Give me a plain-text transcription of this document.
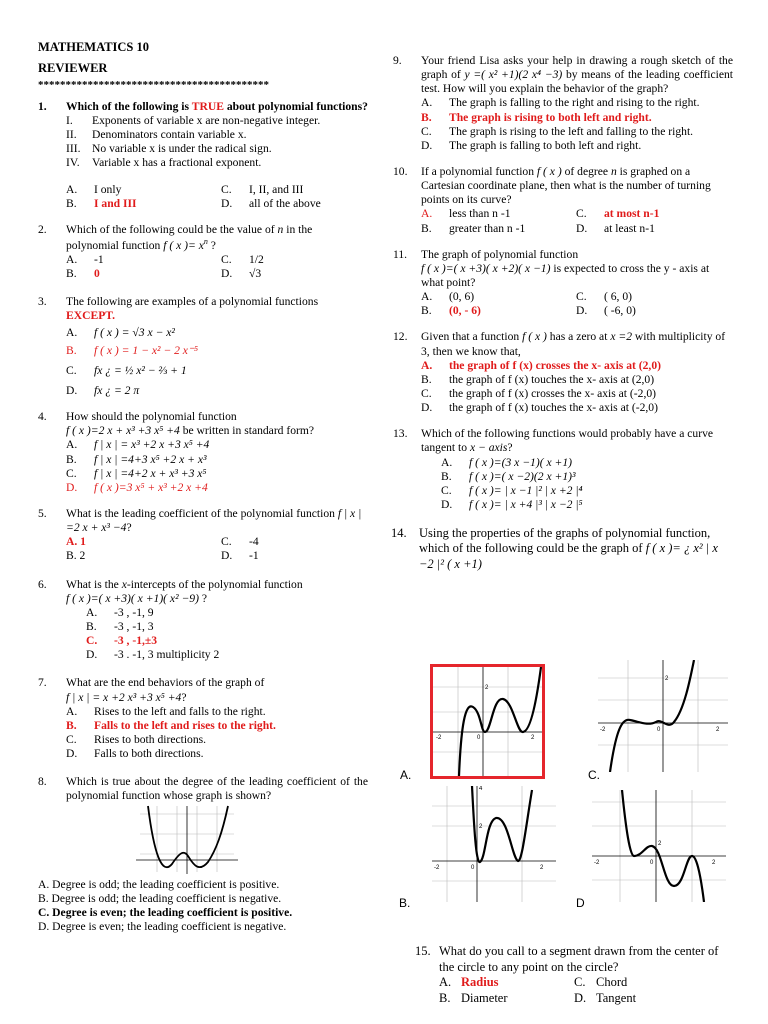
MATHEMATICS 10
REVIEWER
******************************************
1. Which of the following is TRUE about polynomial functions?
I.	Exponents of variable x are non-negative integer.
II.	Denominators contain variable x.
III. No variable x is under the radical sign.
IV.	Variable x has a fractional exponent.
A.	I only	C.	I, II, and III
B.	I and III	D.	all of the above
2. Which of the following could be the value of n in the polynomial function f ( x )= $x^n$ ?
A.	-1	C.	1/2
B.	0	D.	√3
3. The following are examples of a polynomial functions
EXCEPT.
A.	f ( x ) = √3 x − x²
B.	f ( x ) = 1 − x² − 2 x⁻⁵
C.	fx ¿ = ½ x² − ⅔ + 1
D.	fx ¿ = 2 π
4. How should the polynomial function
f ( x )=2 x + x³ +3 x⁵ +4 be written in standard form?
A.	f | x | = x³ +2 x +3 x⁵ +4
B.	f | x | =4+3 x⁵ +2 x + x³
C.	f | x | =4+2 x + x³ +3 x⁵
D.	f ( x )=3 x⁵ + x³ +2 x +4
5. What is the leading coefficient of the polynomial function f | x | =2 x + x³ −4?
A. 1	C.	-4
B. 2	D.	-1
6. What is the x-intercepts of the polynomial function
f ( x )=( x +3)( x +1)( x² −9) ?
A.	-3 , -1, 9
B.	-3 , -1, 3
C.	-3 , -1,±3
D.	-3 . -1, 3 multiplicity 2
7. What are the end behaviors of the graph of
f | x | = x +2 x³ +3 x⁵ +4?
A.	Rises to the left and falls to the right.
B.	Falls to the left and rises to the right.
C.	Rises to both directions.
D.	Falls to both directions.
8. Which is true about the degree of the leading coefficient of the polynomial function whose graph is shown?
A. Degree is odd; the leading coefficient is positive.
B. Degree is odd; the leading coefficient is negative.
C. Degree is even; the leading coefficient is positive.
D. Degree is even; the leading coefficient is negative.
9. Your friend Lisa asks your help in drawing a rough sketch of the graph of y =( x² +1)(2 x⁴ −3) by means of the leading coefficient test. How will you explain the behavior of the graph?
A.	The graph is falling to the right and rising to the right.
B.	The graph is rising to both left and right.
C.	The graph is rising to the left and falling to the right.
D.	The graph is falling to both left and right.
10. If a polynomial function f ( x ) of degree n is graphed on a Cartesian coordinate plane, then what is the number of turning points on its curve?
A.	less than n -1	C.	at most n-1
B.	greater than n -1	D.	at least n-1
11. The graph of polynomial function
f ( x )=( x +3)( x +2)( x −1) is expected to cross the y - axis at what point?
A.	(0, 6)	C.	( 6, 0)
B.	(0, - 6)	D.	( -6, 0)
12. Given that a function f ( x ) has a zero at x =2 with multiplicity of 3, then we know that,
A.	the graph of f (x) crosses the x- axis at (2,0)
B.	the graph of f (x) touches the x- axis at (2,0)
C.	the graph of f (x) crosses the x- axis at (-2,0)
D.	the graph of f (x) touches the x- axis at (-2,0)
13. Which of the following functions would probably have a curve tangent to x − axis?
A.	f ( x )=(3 x −1)( x +1)
B.	f ( x )=( x −2)(2 x +1)³
C.	f ( x )= | x −1 |² | x +2 |⁴
D.	f ( x )= | x +4 |³ | x −2 |⁵
14. Using the properties of the graphs of polynomial function, which of the following could be the graph of f ( x )= ¿ x² | x −2 |² ( x +1)
-2
2
0	2
A.
-2
2
0	2
C.
-2
4
2
0	2
B.
-2
2
0	2
D
15. What do you call to a segment drawn from the center of the circle to any point on the circle?
A. Radius	C. Chord
B. Diameter	D. Tangent
